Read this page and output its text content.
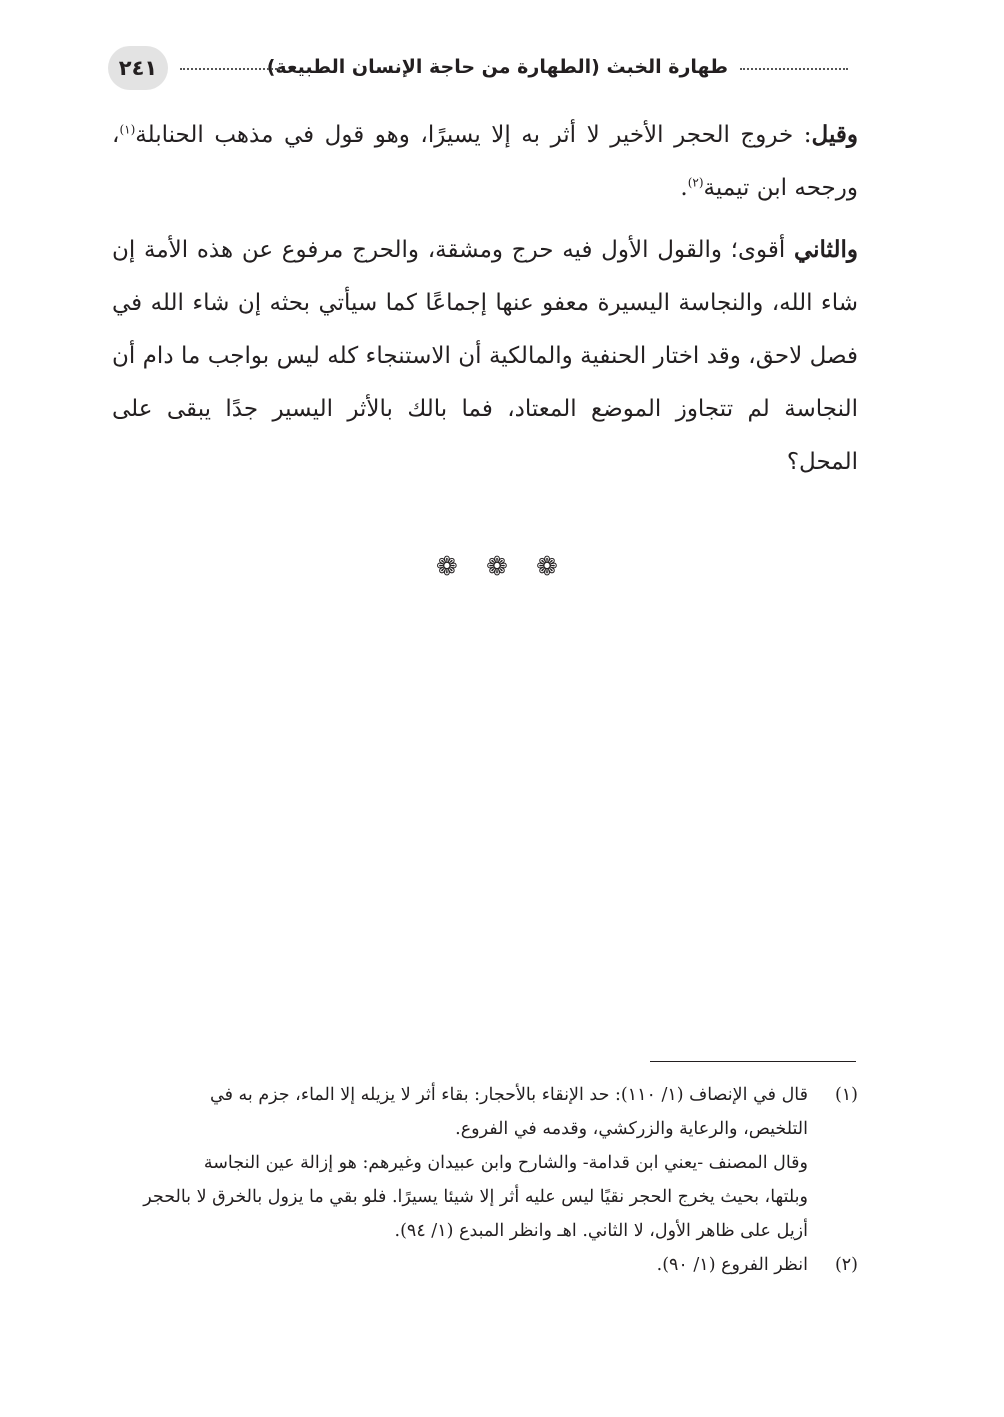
طهارة الخبث (الطهارة من حاجة الإنسان الطبيعة)
٢٤١

وقيل: خروج الحجر الأخير لا أثر به إلا يسيرًا، وهو قول في مذهب الحنابلة$^{(١)}$، ورجحه ابن تيمية$^{(٢)}$.

والثاني أقوى؛ والقول الأول فيه حرج ومشقة، والحرج مرفوع عن هذه الأمة إن شاء الله، والنجاسة اليسيرة معفو عنها إجماعًا كما سيأتي بحثه إن شاء الله في فصل لاحق، وقد اختار الحنفية والمالكية أن الاستنجاء كله ليس بواجب ما دام أن النجاسة لم تتجاوز الموضع المعتاد، فما بالك بالأثر اليسير جدًا يبقى على المحل؟

❁ ❁ ❁
(١)
قال في الإنصاف (١/ ١١٠): حد الإنقاء بالأحجار: بقاء أثر لا يزيله إلا الماء، جزم به في
التلخيص، والرعاية والزركشي، وقدمه في الفروع.
وقال المصنف -يعني ابن قدامة- والشارح وابن عبيدان وغيرهم: هو إزالة عين النجاسة
وبلتها، بحيث يخرج الحجر نقيًا ليس عليه أثر إلا شيئا يسيرًا. فلو بقي ما يزول بالخرق لا بالحجر
أزيل على ظاهر الأول، لا الثاني. اهـ وانظر المبدع (١/ ٩٤).
(٢)
انظر الفروع (١/ ٩٠).
